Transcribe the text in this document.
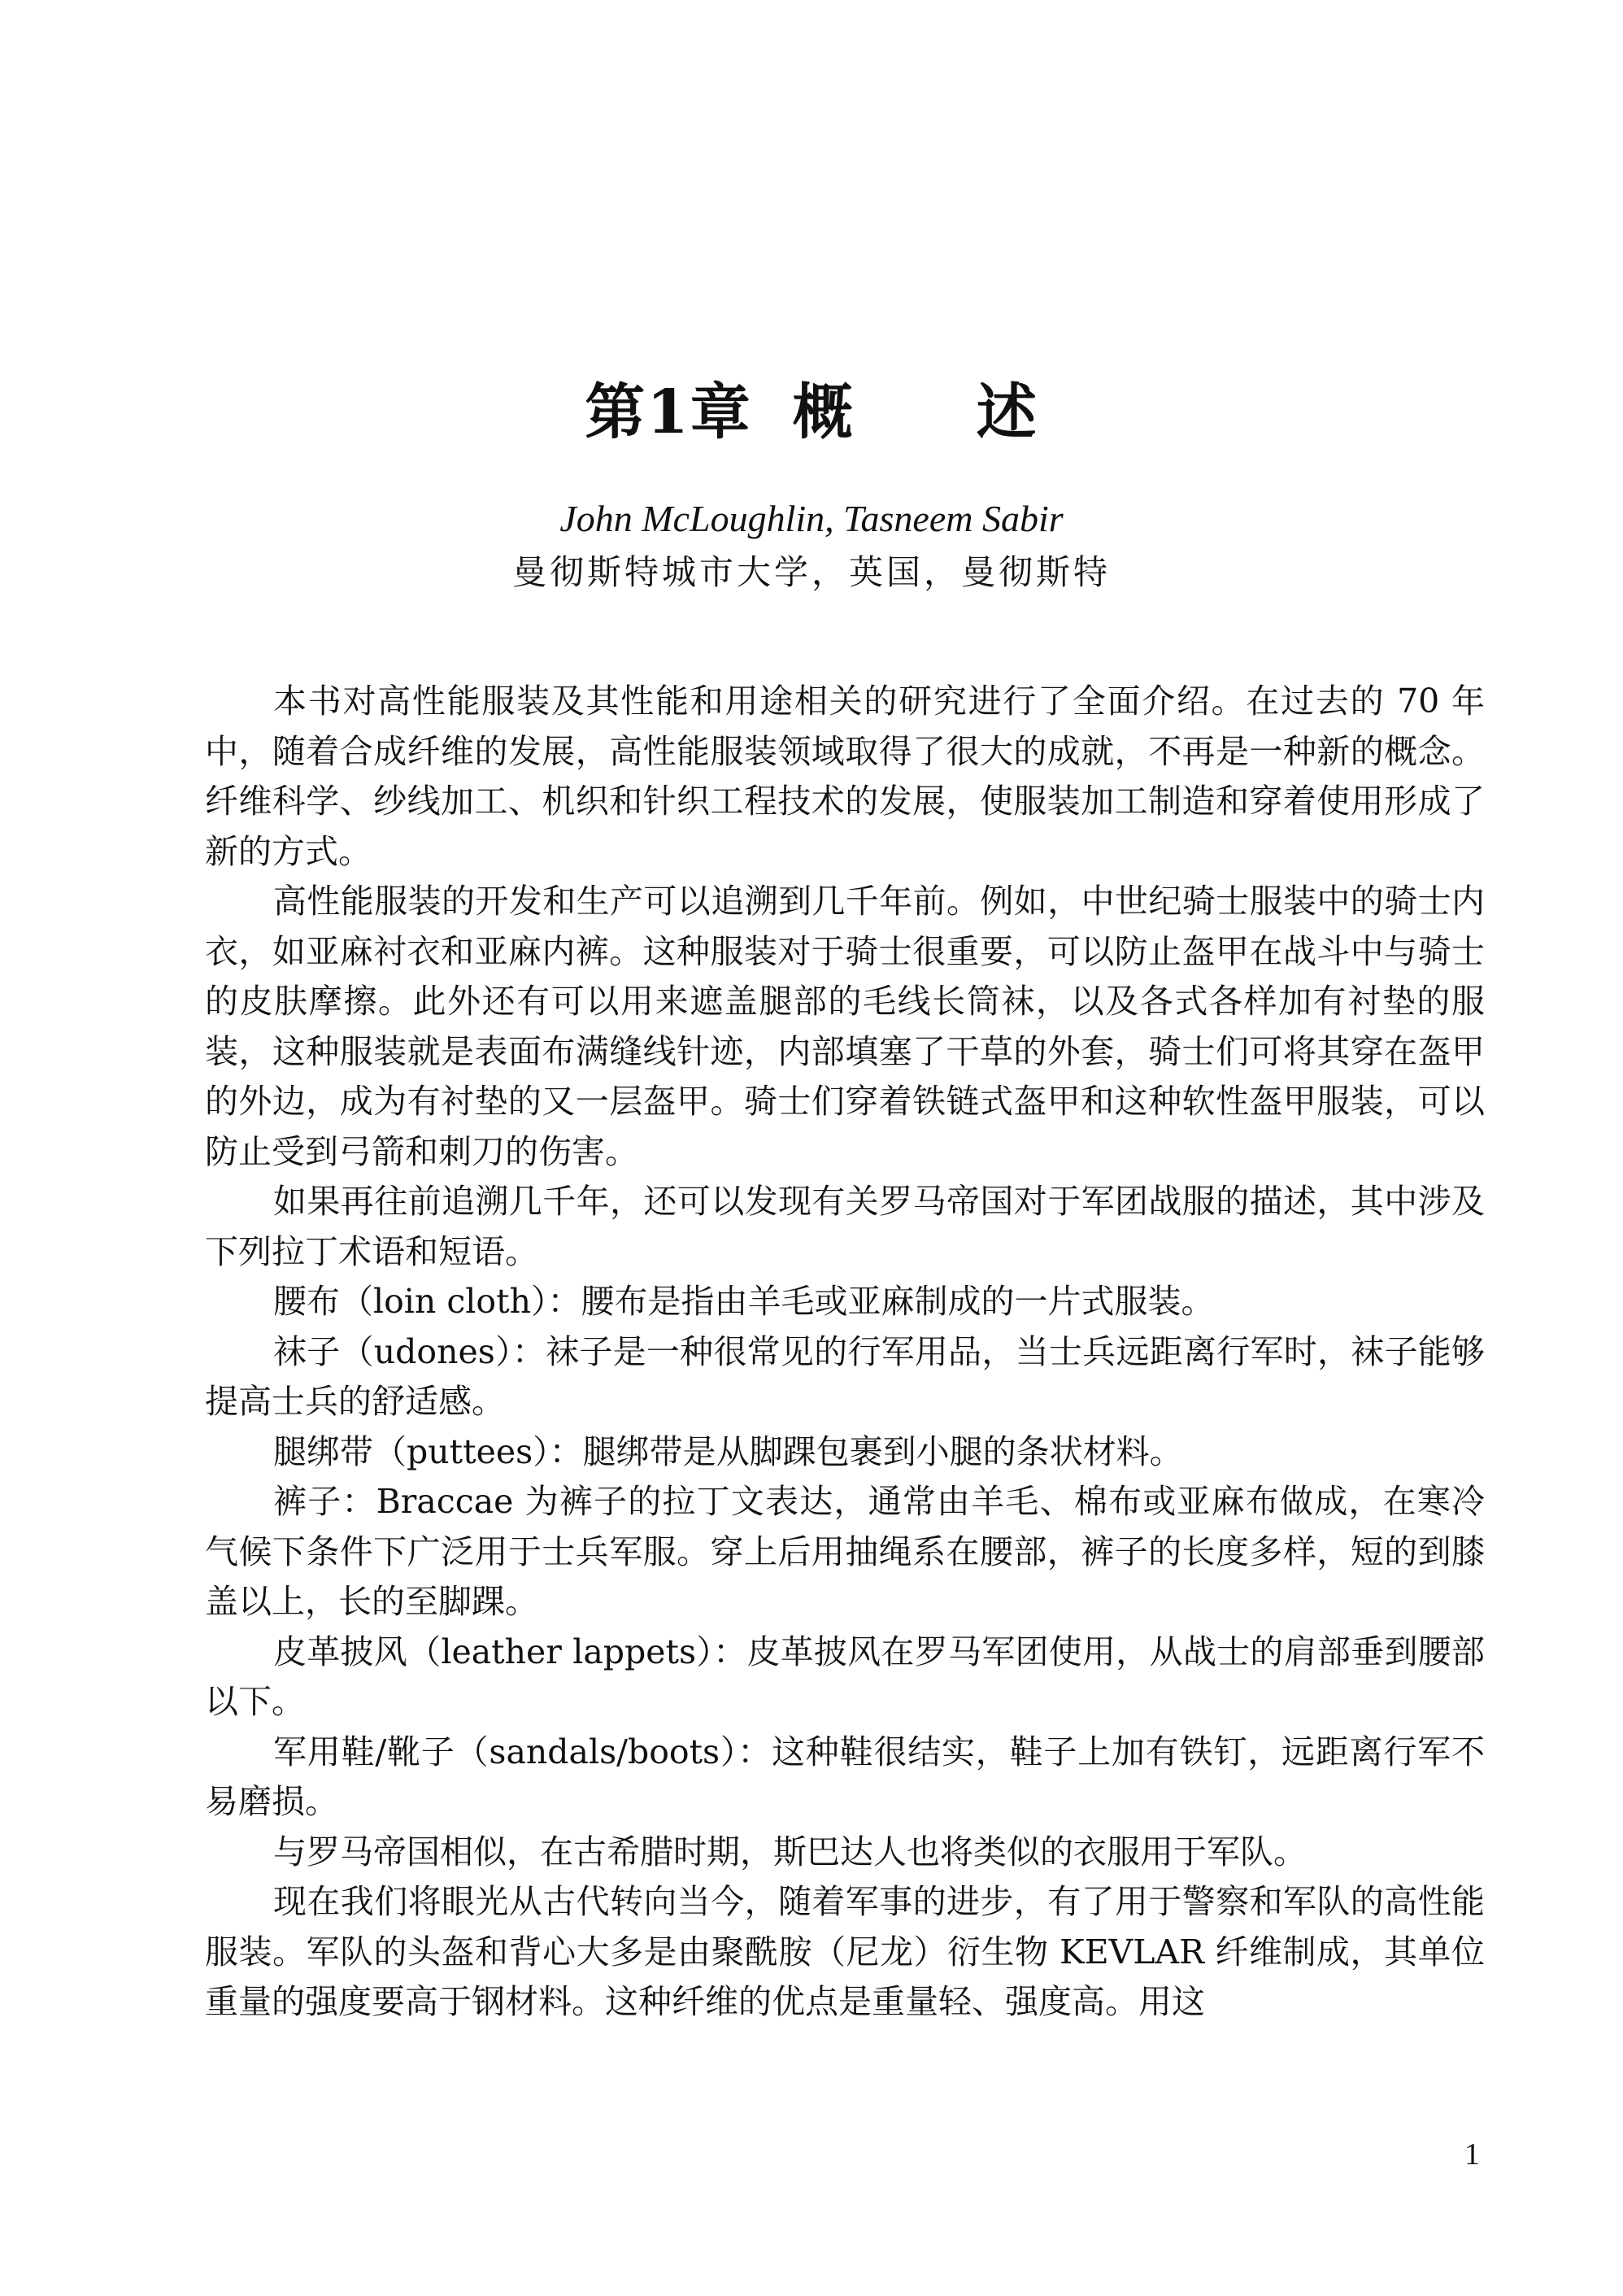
第1章 概 述
John McLoughlin, Tasneem Sabir
曼彻斯特城市大学，英国，曼彻斯特

本书对高性能服装及其性能和用途相关的研究进行了全面介绍。在过去的 70 年中，随着合成纤维的发展，高性能服装领域取得了很大的成就，不再是一种新的概念。纤维科学、纱线加工、机织和针织工程技术的发展，使服装加工制造和穿着使用形成了新的方式。

高性能服装的开发和生产可以追溯到几千年前。例如，中世纪骑士服装中的骑士内衣，如亚麻衬衣和亚麻内裤。这种服装对于骑士很重要，可以防止盔甲在战斗中与骑士的皮肤摩擦。此外还有可以用来遮盖腿部的毛线长筒袜，以及各式各样加有衬垫的服装，这种服装就是表面布满缝线针迹，内部填塞了干草的外套，骑士们可将其穿在盔甲的外边，成为有衬垫的又一层盔甲。骑士们穿着铁链式盔甲和这种软性盔甲服装，可以防止受到弓箭和刺刀的伤害。

如果再往前追溯几千年，还可以发现有关罗马帝国对于军团战服的描述，其中涉及下列拉丁术语和短语。

腰布（loin cloth）：腰布是指由羊毛或亚麻制成的一片式服装。

袜子（udones）：袜子是一种很常见的行军用品，当士兵远距离行军时，袜子能够提高士兵的舒适感。

腿绑带（puttees）：腿绑带是从脚踝包裹到小腿的条状材料。

裤子：Braccae 为裤子的拉丁文表达，通常由羊毛、棉布或亚麻布做成，在寒冷气候下条件下广泛用于士兵军服。穿上后用抽绳系在腰部，裤子的长度多样，短的到膝盖以上，长的至脚踝。

皮革披风（leather lappets）：皮革披风在罗马军团使用，从战士的肩部垂到腰部以下。

军用鞋/靴子（sandals/boots）：这种鞋很结实，鞋子上加有铁钉，远距离行军不易磨损。

与罗马帝国相似，在古希腊时期，斯巴达人也将类似的衣服用于军队。

现在我们将眼光从古代转向当今，随着军事的进步，有了用于警察和军队的高性能服装。军队的头盔和背心大多是由聚酰胺（尼龙）衍生物 KEVLAR 纤维制成，其单位重量的强度要高于钢材料。这种纤维的优点是重量轻、强度高。用这

1
